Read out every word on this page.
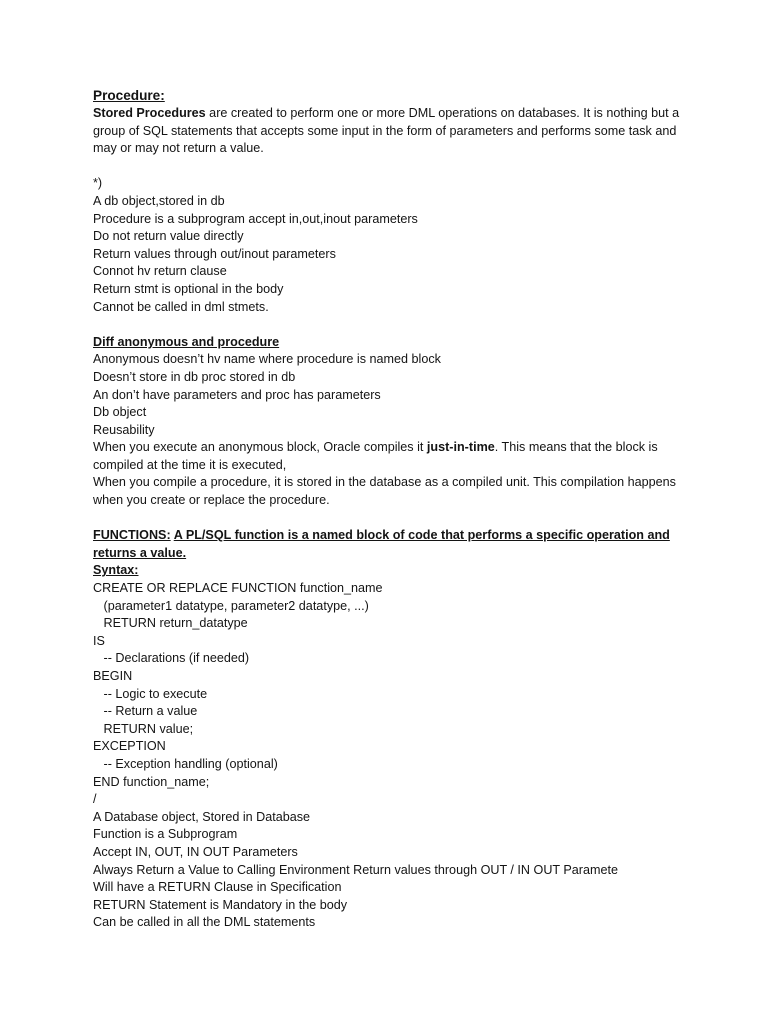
Procedure:
Stored Procedures are created to perform one or more DML operations on databases. It is nothing but a group of SQL statements that accepts some input in the form of parameters and performs some task and may or may not return a value.
*)
A db object,stored in db
Procedure is a subprogram accept in,out,inout parameters
Do not return value directly
Return values through out/inout parameters
Connot hv return clause
Return stmt is optional in the body
Cannot be called in dml stmets.
Diff anonymous and procedure
Anonymous doesn’t hv name where procedure is named block
Doesn’t store in db proc stored in db
An don’t have parameters and proc has parameters
Db object
Reusability
When you execute an anonymous block, Oracle compiles it just-in-time. This means that the block is compiled at the time it is executed,
When you compile a procedure, it is stored in the database as a compiled unit. This compilation happens when you create or replace the procedure.
FUNCTIONS: A PL/SQL function is a named block of code that performs a specific operation and returns a value.
Syntax:
CREATE OR REPLACE FUNCTION function_name
(parameter1 datatype, parameter2 datatype, ...)
RETURN return_datatype
IS
-- Declarations (if needed)
BEGIN
-- Logic to execute
-- Return a value
RETURN value;
EXCEPTION
-- Exception handling (optional)
END function_name;
/
A Database object, Stored in Database
Function is a Subprogram
Accept IN, OUT, IN OUT Parameters
Always Return a Value to Calling Environment Return values through OUT / IN OUT Paramete
Will have a RETURN Clause in Specification
RETURN Statement is Mandatory in the body
Can be called in all the DML statements
